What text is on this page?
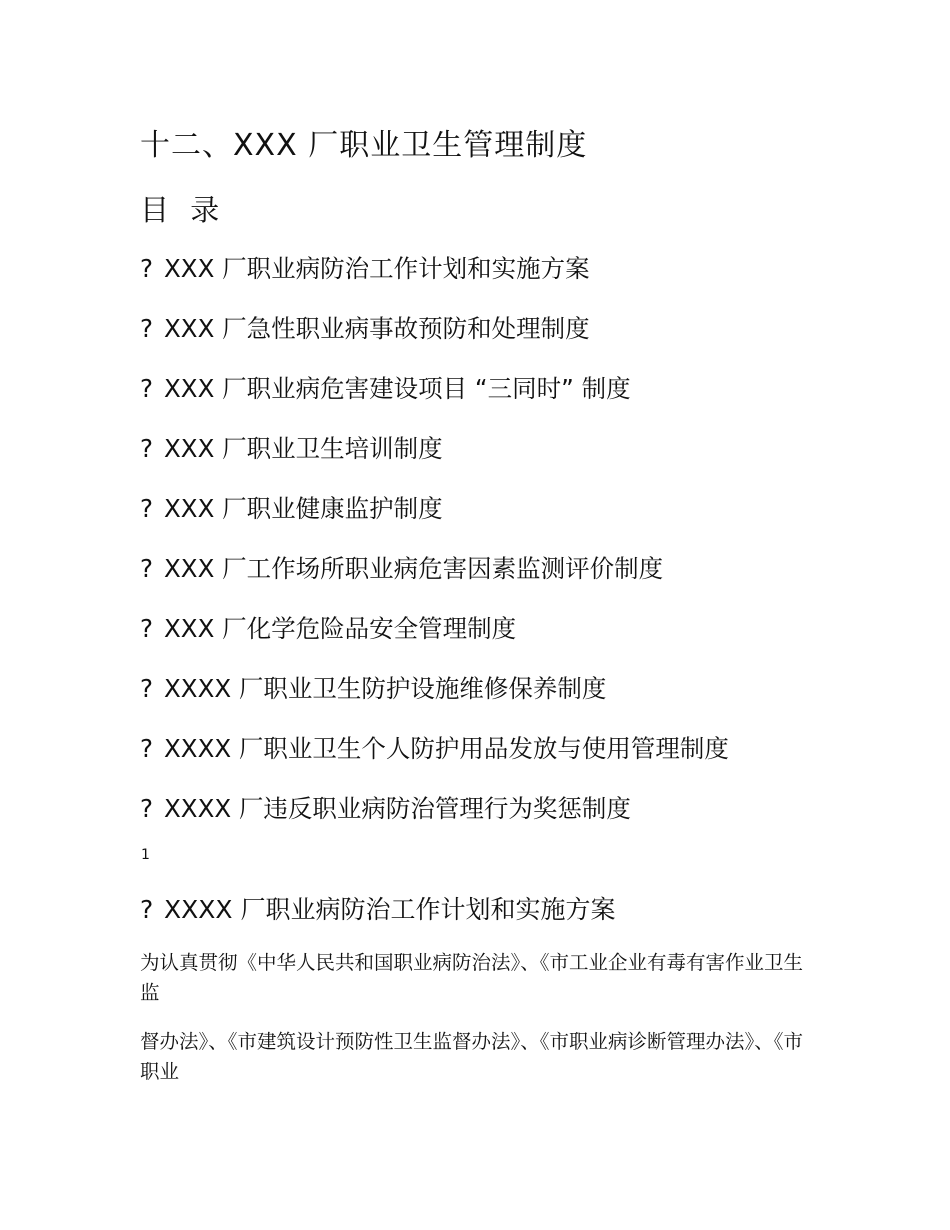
十二、XXX 厂职业卫生管理制度
目 录
? XXX 厂职业病防治工作计划和实施方案
? XXX 厂急性职业病事故预防和处理制度
? XXX 厂职业病危害建设项目 “三同时” 制度
? XXX 厂职业卫生培训制度
? XXX 厂职业健康监护制度
? XXX 厂工作场所职业病危害因素监测评价制度
? XXX 厂化学危险品安全管理制度
? XXXX 厂职业卫生防护设施维修保养制度
? XXXX 厂职业卫生个人防护用品发放与使用管理制度
? XXXX 厂违反职业病防治管理行为奖惩制度
1
? XXXX 厂职业病防治工作计划和实施方案
为认真贯彻《中华人民共和国职业病防治法》、《市工业企业有毒有害作业卫生监
督办法》、《市建筑设计预防性卫生监督办法》、《市职业病诊断管理办法》、《市职业
